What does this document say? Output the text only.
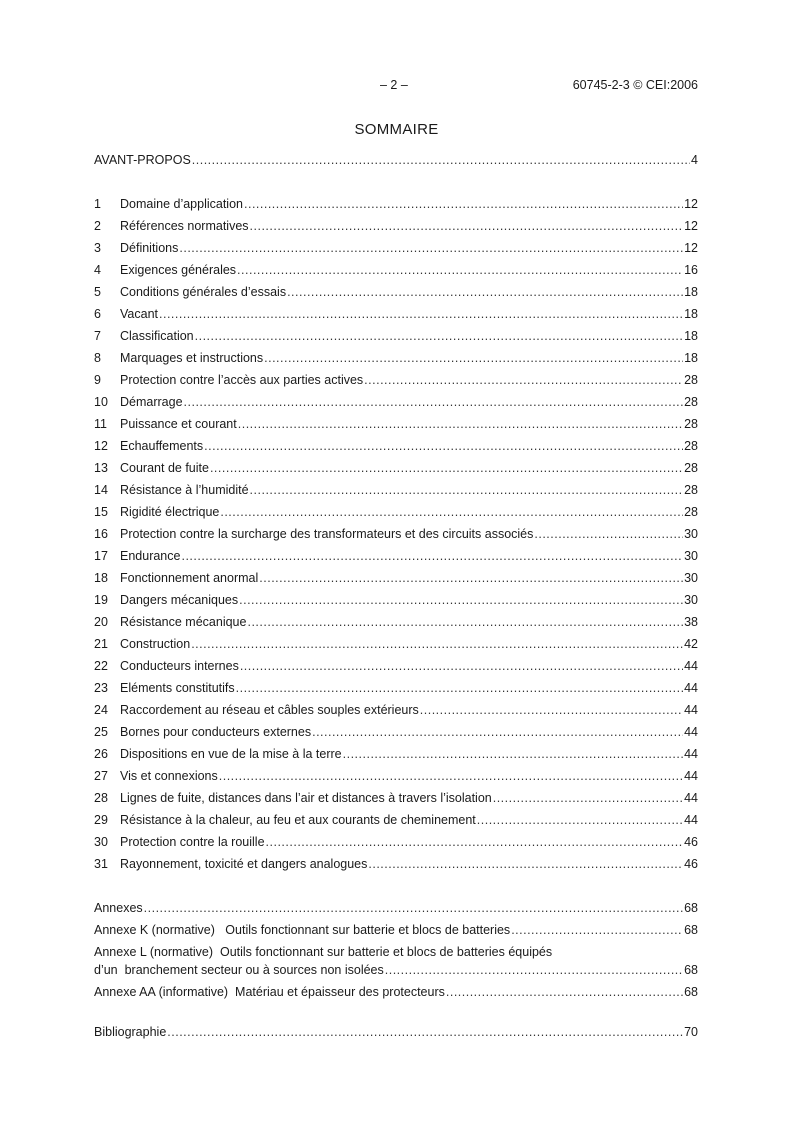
– 2 –	60745-2-3 © CEI:2006
SOMMAIRE
AVANT-PROPOS .....	4
1	Domaine d’application .....	12
2	Références normatives .....	12
3	Définitions .....	12
4	Exigences générales .....	16
5	Conditions générales d’essais .....	18
6	Vacant .....	18
7	Classification .....	18
8	Marquages et instructions .....	18
9	Protection contre l’accès aux parties actives .....	28
10 Démarrage .....	28
11	Puissance et courant .....	28
12 Echauffements .....	28
13 Courant de fuite .....	28
14 Résistance à l’humidité .....	28
15 Rigidité électrique .....	28
16 Protection contre la surcharge des transformateurs et des circuits associés .....	30
17 Endurance .....	30
18 Fonctionnement anormal .....	30
19 Dangers mécaniques .....	30
20 Résistance mécanique .....	38
21 Construction .....	42
22 Conducteurs internes .....	44
23 Eléments constitutifs .....	44
24 Raccordement au réseau et câbles souples extérieurs .....	44
25 Bornes pour conducteurs externes .....	44
26 Dispositions en vue de la mise à la terre .....	44
27 Vis et connexions .....	44
28 Lignes de fuite, distances dans l’air et distances à travers l’isolation .....	44
29 Résistance à la chaleur, au feu et aux courants de cheminement .....	44
30 Protection contre la rouille .....	46
31 Rayonnement, toxicité et dangers analogues .....	46
Annexes .....	68
Annexe K (normative)   Outils fonctionnant sur batterie et blocs de batteries .....	68
Annexe L (normative)  Outils fonctionnant sur batterie et blocs de batteries équipés
d’un  branchement secteur ou à sources non isolées .....	68
Annexe AA (informative)  Matériau et épaisseur des protecteurs .....	68
Bibliographie .....	70
